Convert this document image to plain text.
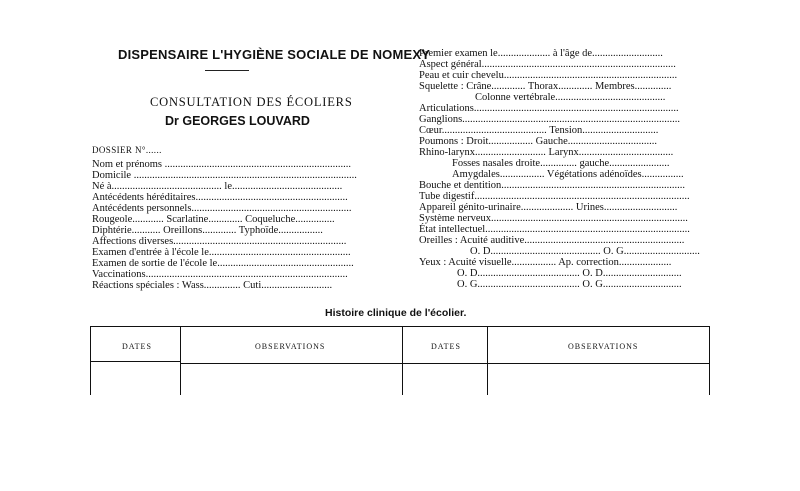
DISPENSAIRE L'HYGIÈNE SOCIALE DE NOMEXY
CONSULTATION DES ÉCOLIERS
Dr GEORGES LOUVARD
DOSSIER N°......
Nom et prénoms .......................................................................
Domicile .....................................................................................
Né à.......................................... le..........................................
Antécédents héréditaires..........................................................
Antécédents personnels.............................................................
Rougeole............ Scarlatine............. Coqueluche...............
Diphtérie........... Oreillons............. Typhoïde.................
Affections diverses..................................................................
Examen d'entrée à l'école le......................................................
Examen de sortie de l'école le....................................................
Vaccinations.............................................................................
Réactions spéciales : Wass.............. Cuti...........................
Premier examen le.................... à l'âge de...........................
Aspect général..........................................................................
Peau et cuir chevelu..................................................................
Squelette : Crâne............. Thorax............. Membres..............
Colonne vertébrale..........................................
Articulations..............................................................................
Ganglions...................................................................................
Cœur........................................ Tension.............................
Poumons : Droit................. Gauche..................................
Rhino-larynx........................... Larynx....................................
Fosses nasales droite.............. gauche.......................
Amygdales................. Végétations adénoïdes................
Bouche et dentition......................................................................
Tube digestif..................................................................................
Appareil génito-urinaire.................... Urines............................
Système nerveux...........................................................................
État intellectuel..............................................................................
Oreilles : Acuité auditive.............................................................
O. D.......................................... O. G.............................
Yeux : Acuité visuelle................. Ap. correction....................
O. D....................................... O. D..............................
O. G....................................... O. G..............................
Histoire clinique de l'écolier.
DATES	OBSERVATIONS	DATES	OBSERVATIONS
